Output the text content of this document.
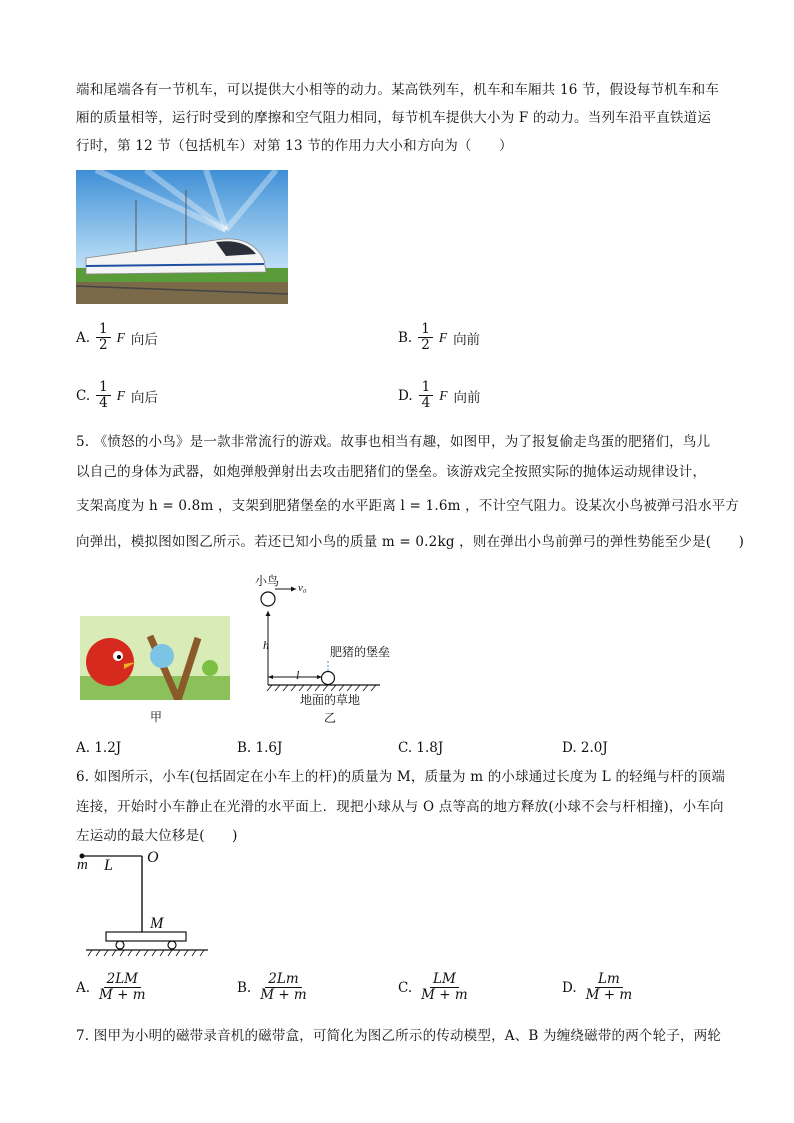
端和尾端各有一节机车，可以提供大小相等的动力。某高铁列车，机车和车厢共 16 节，假设每节机车和车
厢的质量相等，运行时受到的摩擦和空气阻力相同，每节机车提供大小为 F 的动力。当列车沿平直铁道运
行时，第 12 节（包括机车）对第 13 节的作用力大小和方向为（　　）
A. $\frac{1}{2}$ F 向后	B. $\frac{1}{2}$ F 向前
C. $\frac{1}{4}$ F 向后	D. $\frac{1}{4}$ F 向前
5. 《愤怒的小鸟》是一款非常流行的游戏。故事也相当有趣，如图甲，为了报复偷走鸟蛋的肥猪们，鸟儿
以自己的身体为武器，如炮弹般弹射出去攻击肥猪们的堡垒。该游戏完全按照实际的抛体运动规律设计，
支架高度为 h = 0.8m ，支架到肥猪堡垒的水平距离 l = 1.6m ，不计空气阻力。设某次小鸟被弹弓沿水平方
向弹出，模拟图如图乙所示。若还已知小鸟的质量 m = 0.2kg ，则在弹出小鸟前弹弓的弹性势能至少是(　　)
甲
小鸟 v₀
h
l
肥猪的堡垒
地面的草地
乙
A. 1.2J	B. 1.6J	C. 1.8J	D. 2.0J
6. 如图所示，小车(包括固定在小车上的杆)的质量为 M，质量为 m 的小球通过长度为 L 的轻绳与杆的顶端
连接，开始时小车静止在光滑的水平面上．现把小球从与 O 点等高的地方释放(小球不会与杆相撞)，小车向
左运动的最大位移是(　　)
m L O
M
A. $\frac{2LM}{M + m}$	B. $\frac{2Lm}{M + m}$	C. $\frac{LM}{M + m}$	D. $\frac{Lm}{M + m}$
7. 图甲为小明的磁带录音机的磁带盒，可简化为图乙所示的传动模型，A、B 为缠绕磁带的两个轮子，两轮
